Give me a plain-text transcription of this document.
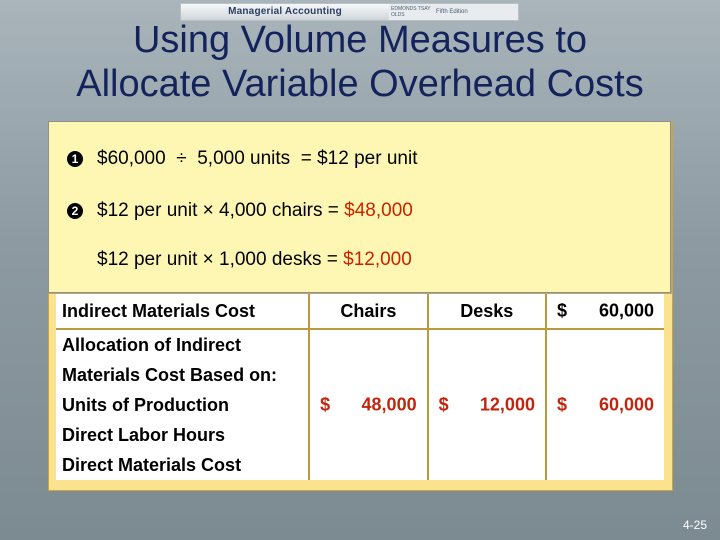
Managerial Accounting	EDMONDS TSAY OLDS	Fifth Edition
Using Volume Measures to
Allocate Variable Overhead Costs
Indirect Materials Cost	Chairs	Desks	$ 60,000

Allocation of Indirect			
Materials Cost Based on:			
Units of Production	$ 48,000	$ 12,000	$ 60,000

Direct Labor Hours			
Direct Materials Cost			
1 $60,000  ÷  5,000 units  = $12 per unit
2 $12 per unit × 4,000 chairs = $48,000
$12 per unit × 1,000 desks = $12,000
4-25
